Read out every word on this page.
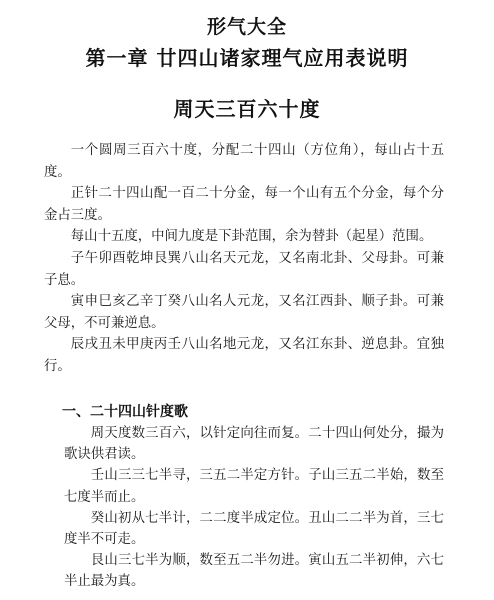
形气大全
第一章 廿四山诸家理气应用表说明
周天三百六十度

一个圆周三百六十度，分配二十四山（方位角），每山占十五度。

正针二十四山配一百二十分金，每一个山有五个分金，每个分金占三度。

每山十五度，中间九度是下卦范围，余为替卦（起星）范围。

子午卯酉乾坤艮巽八山名天元龙，又名南北卦、父母卦。可兼子息。

寅申巳亥乙辛丁癸八山名人元龙，又名江西卦、顺子卦。可兼父母，不可兼逆息。

辰戌丑未甲庚丙壬八山名地元龙，又名江东卦、逆息卦。宜独行。

一、二十四山针度歌

周天度数三百六，以针定向往而复。二十四山何处分，撮为歌诀供君读。

壬山三三七半寻，三五二半定方针。子山三五二半始，数至七度半而止。

癸山初从七半计，二二度半成定位。丑山二二半为首，三七度半不可走。

艮山三七半为顺，数至五二半勿进。寅山五二半初伸，六七半止最为真。
